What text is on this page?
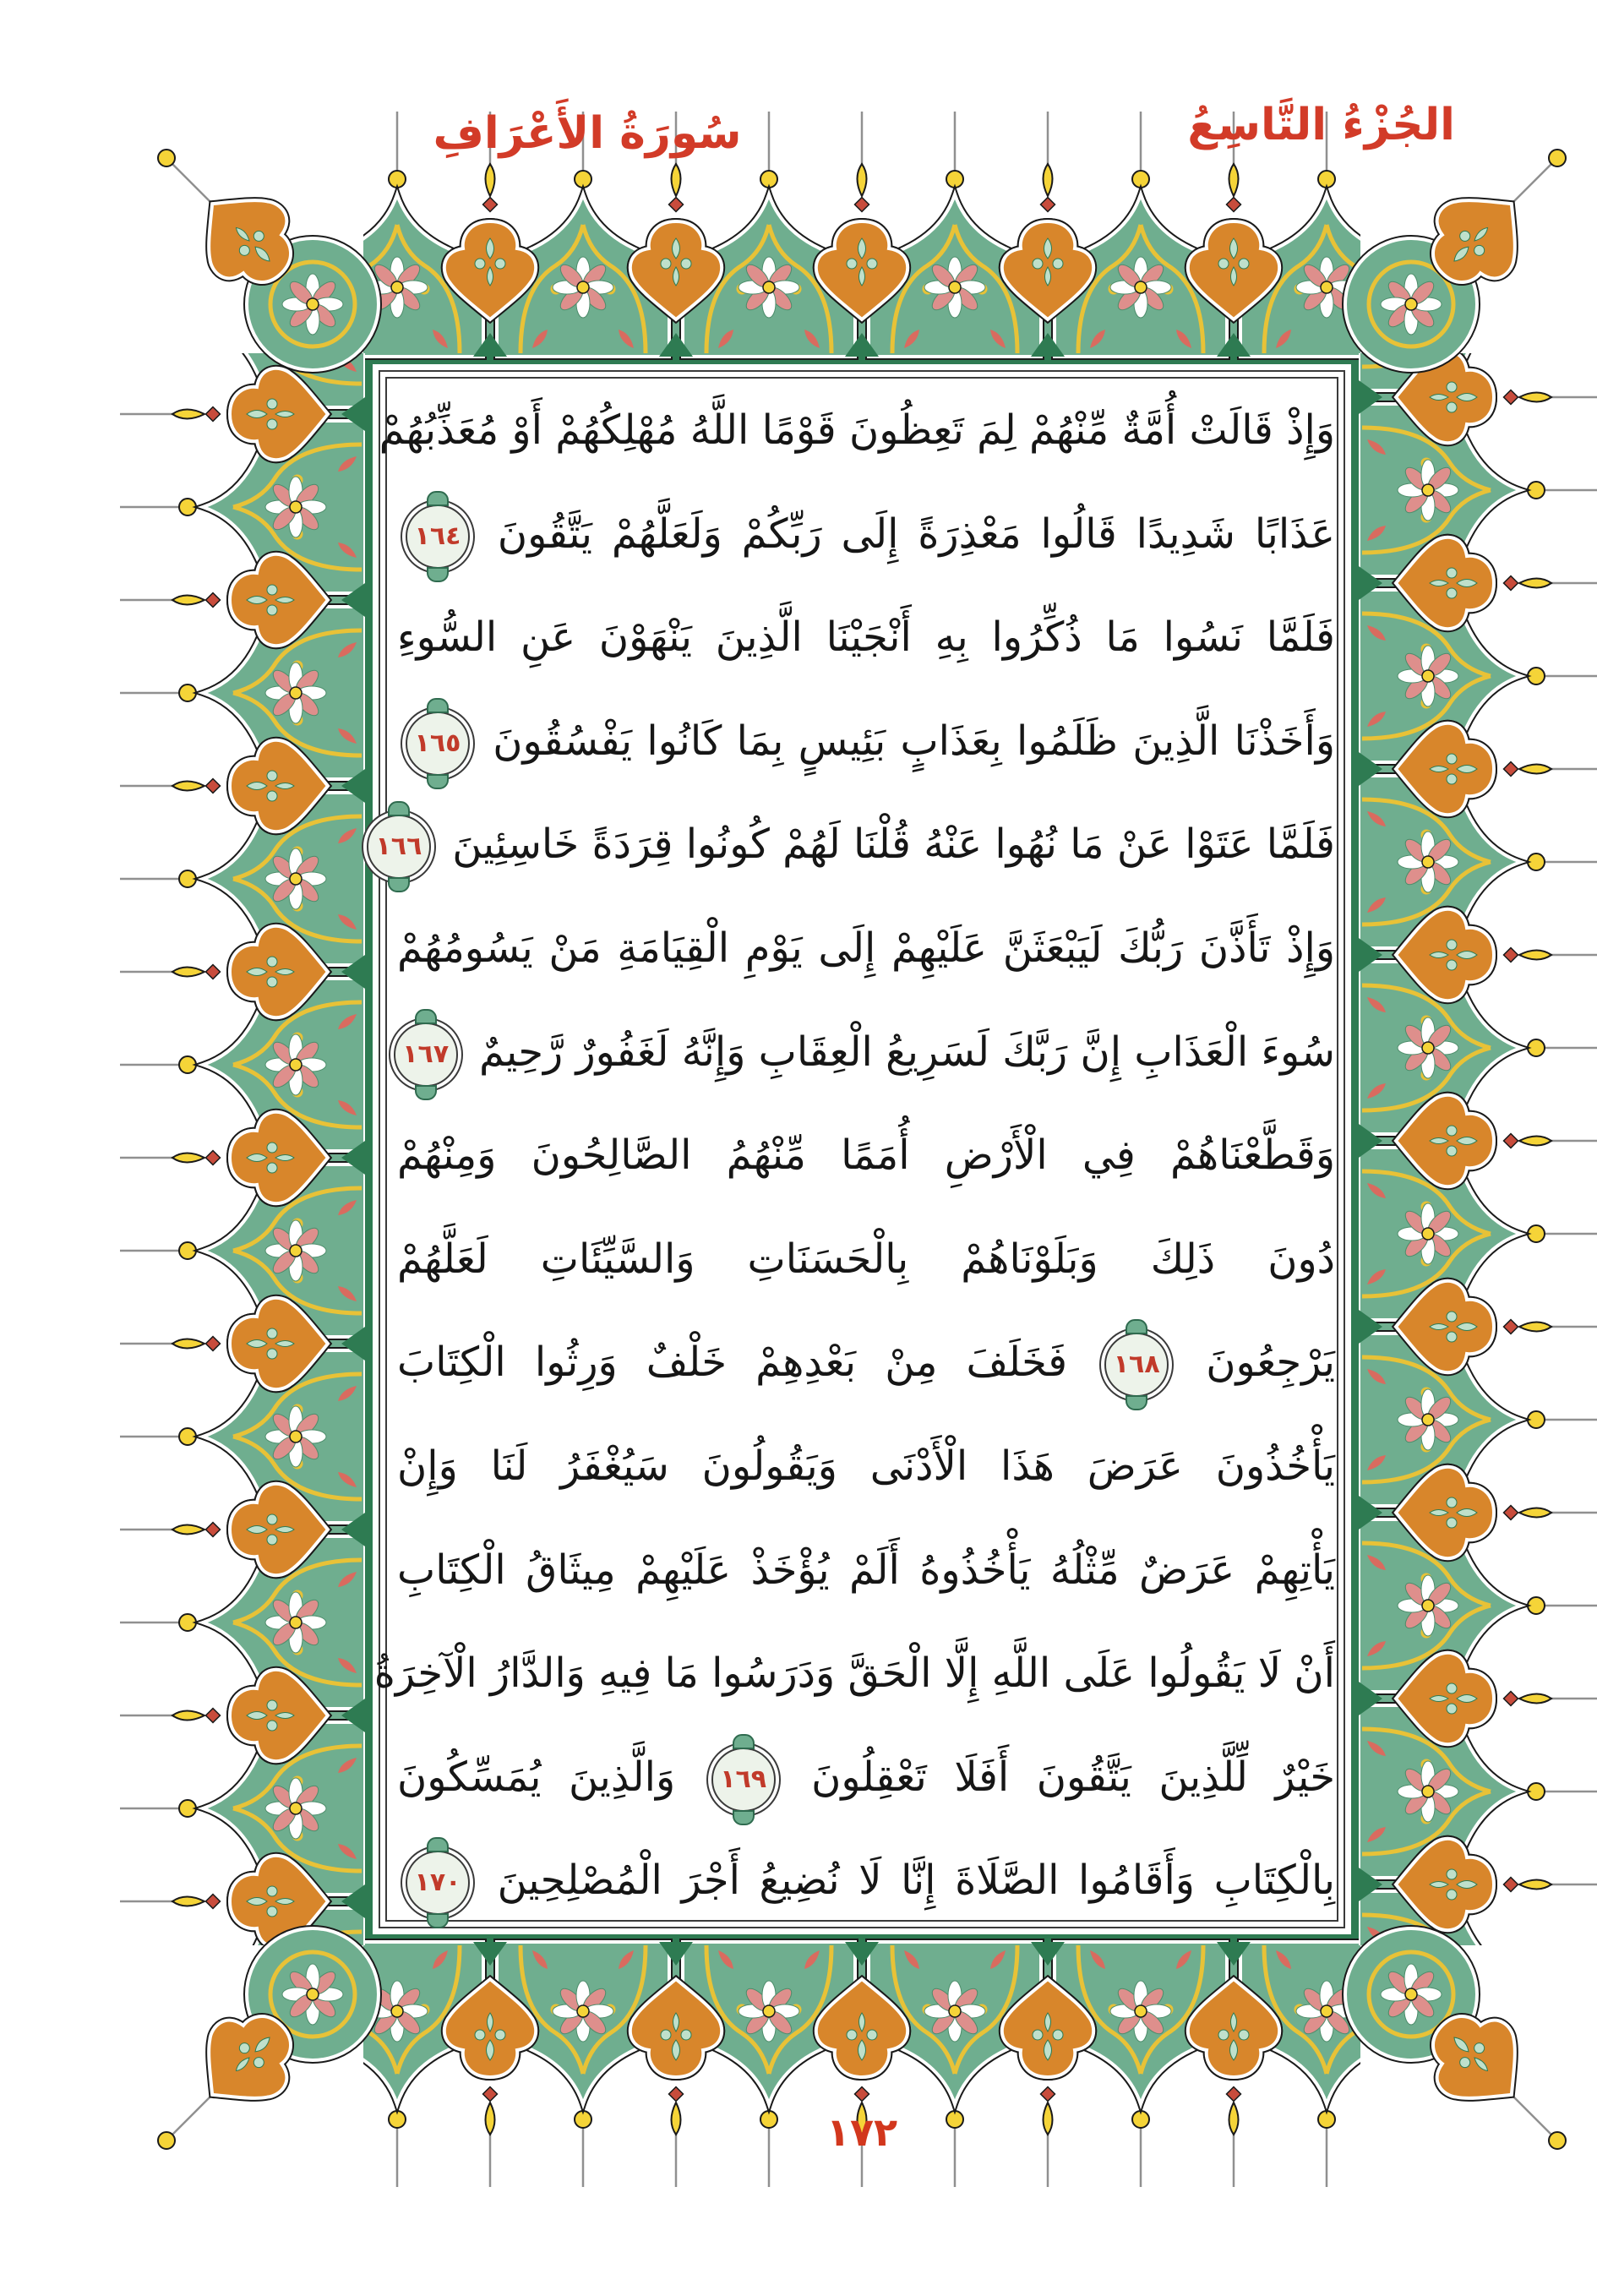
سُورَةُ الأَعْرَافِ	الجُزْءُ التَّاسِعُ
وَإِذْ قَالَتْ أُمَّةٌ مِّنْهُمْ لِمَ تَعِظُونَ قَوْمًا اللَّهُ مُهْلِكُهُمْ أَوْ مُعَذِّبُهُمْ
عَذَابًا شَدِيدًا قَالُوا مَعْذِرَةً إِلَى رَبِّكُمْ وَلَعَلَّهُمْ يَتَّقُونَ
١٦٤
فَلَمَّا نَسُوا مَا ذُكِّرُوا بِهِ أَنْجَيْنَا الَّذِينَ يَنْهَوْنَ عَنِ السُّوءِ
وَأَخَذْنَا الَّذِينَ ظَلَمُوا بِعَذَابٍ بَئِيسٍ بِمَا كَانُوا يَفْسُقُونَ
١٦٥
فَلَمَّا عَتَوْا عَنْ مَا نُهُوا عَنْهُ قُلْنَا لَهُمْ كُونُوا قِرَدَةً خَاسِئِينَ
١٦٦
وَإِذْ تَأَذَّنَ رَبُّكَ لَيَبْعَثَنَّ عَلَيْهِمْ إِلَى يَوْمِ الْقِيَامَةِ مَنْ يَسُومُهُمْ
سُوءَ الْعَذَابِ إِنَّ رَبَّكَ لَسَرِيعُ الْعِقَابِ وَإِنَّهُ لَغَفُورٌ رَّحِيمٌ
١٦٧
وَقَطَّعْنَاهُمْ فِي الْأَرْضِ أُمَمًا مِّنْهُمُ الصَّالِحُونَ وَمِنْهُمْ
دُونَ ذَلِكَ وَبَلَوْنَاهُمْ بِالْحَسَنَاتِ وَالسَّيِّئَاتِ لَعَلَّهُمْ
يَرْجِعُونَ
١٦٨
فَخَلَفَ مِنْ بَعْدِهِمْ خَلْفٌ وَرِثُوا الْكِتَابَ
يَأْخُذُونَ عَرَضَ هَذَا الْأَدْنَى وَيَقُولُونَ سَيُغْفَرُ لَنَا وَإِنْ
يَأْتِهِمْ عَرَضٌ مِّثْلُهُ يَأْخُذُوهُ أَلَمْ يُؤْخَذْ عَلَيْهِمْ مِيثَاقُ الْكِتَابِ
أَنْ لَا يَقُولُوا عَلَى اللَّهِ إِلَّا الْحَقَّ وَدَرَسُوا مَا فِيهِ وَالدَّارُ الْآخِرَةُ
خَيْرٌ لِّلَّذِينَ يَتَّقُونَ أَفَلَا تَعْقِلُونَ
١٦٩
وَالَّذِينَ يُمَسِّكُونَ
بِالْكِتَابِ وَأَقَامُوا الصَّلَاةَ إِنَّا لَا نُضِيعُ أَجْرَ الْمُصْلِحِينَ
١٧٠
١٧٢
